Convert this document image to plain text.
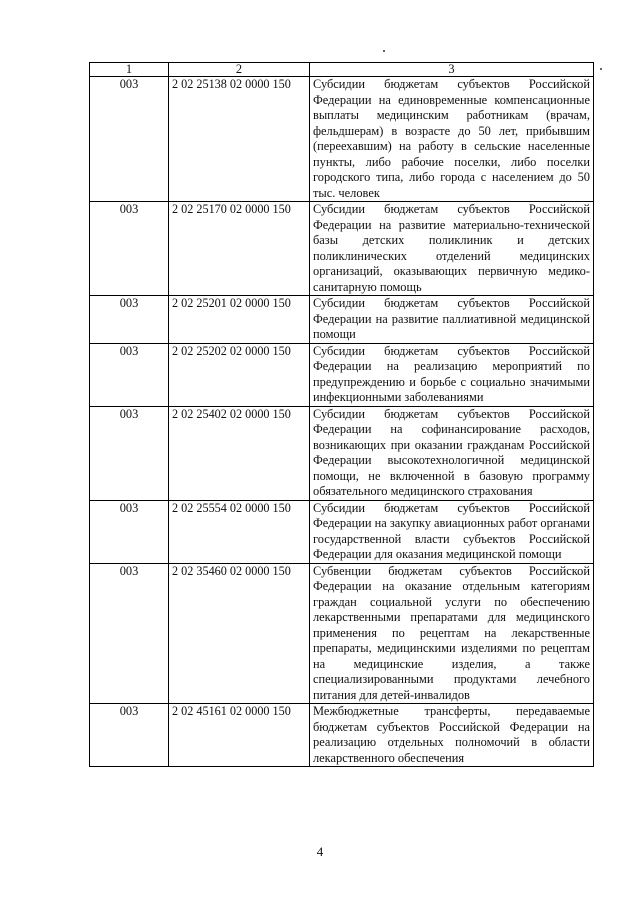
1	2	3
003	2 02 25138 02 0000 150	Субсидии бюджетам субъектов Российской Федерации на единовременные компенсационные выплаты медицинским работникам (врачам, фельдшерам) в возрасте до 50 лет, прибывшим (переехавшим) на работу в сельские населенные пункты, либо рабочие поселки, либо поселки городского типа, либо города с населением до 50 тыс. человек
003	2 02 25170 02 0000 150	Субсидии бюджетам субъектов Российской Федерации на развитие материально-технической базы детских поликлиник и детских поликлинических отделений медицинских организаций, оказывающих первичную медико-санитарную помощь
003	2 02 25201 02 0000 150	Субсидии бюджетам субъектов Российской Федерации на развитие паллиативной медицинской помощи
003	2 02 25202 02 0000 150	Субсидии бюджетам субъектов Российской Федерации на реализацию мероприятий по предупреждению и борьбе с социально значимыми инфекционными заболеваниями
003	2 02 25402 02 0000 150	Субсидии бюджетам субъектов Российской Федерации на софинансирование расходов, возникающих при оказании гражданам Российской Федерации высокотехнологичной медицинской помощи, не включенной в базовую программу обязательного медицинского страхования
003	2 02 25554 02 0000 150	Субсидии бюджетам субъектов Российской Федерации на закупку авиационных работ органами государственной власти субъектов Российской Федерации для оказания медицинской помощи
003	2 02 35460 02 0000 150	Субвенции бюджетам субъектов Российской Федерации на оказание отдельным категориям граждан социальной услуги по обеспечению лекарственными препаратами для медицинского применения по рецептам на лекарственные препараты, медицинскими изделиями по рецептам на медицинские изделия, а также специализированными продуктами лечебного питания для детей-инвалидов
003	2 02 45161 02 0000 150	Межбюджетные трансферты, передаваемые бюджетам субъектов Российской Федерации на реализацию отдельных полномочий в области лекарственного обеспечения
4
